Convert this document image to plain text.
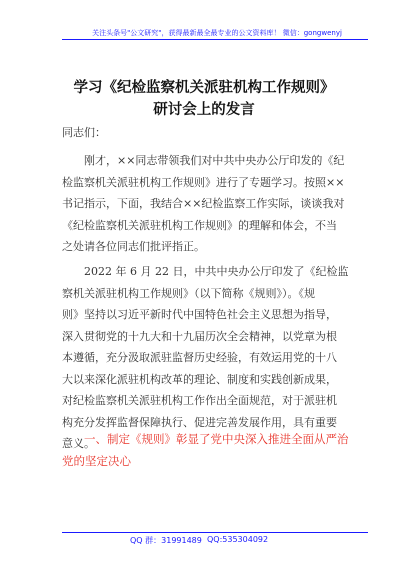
关注头条号"公文研究"，获得最新最全最专业的公文资料库！ 微信：gongwenyj
学习《纪检监察机关派驻机构工作规则》
研讨会上的发言
同志们：
刚才，××同志带领我们对中共中央办公厅印发的《纪
检监察机关派驻机构工作规则》进行了专题学习。按照××
书记指示，下面，我结合××纪检监察工作实际，谈谈我对
《纪检监察机关派驻机构工作规则》的理解和体会，不当
之处请各位同志们批评指正。
2022 年 6 月 22 日，中共中央办公厅印发了《纪检监
察机关派驻机构工作规则》（以下简称《规则》）。《规
则》坚持以习近平新时代中国特色社会主义思想为指导，
深入贯彻党的十九大和十九届历次全会精神，以党章为根
本遵循，充分汲取派驻监督历史经验，有效运用党的十八
大以来深化派驻机构改革的理论、制度和实践创新成果，
对纪检监察机关派驻机构工作作出全面规范，对于派驻机
构充分发挥监督保障执行、促进完善发展作用，具有重要
意义。
一、制定《规则》彰显了党中央深入推进全面从严治
党的坚定决心
QQ 群：31991489 QQ:535304092
